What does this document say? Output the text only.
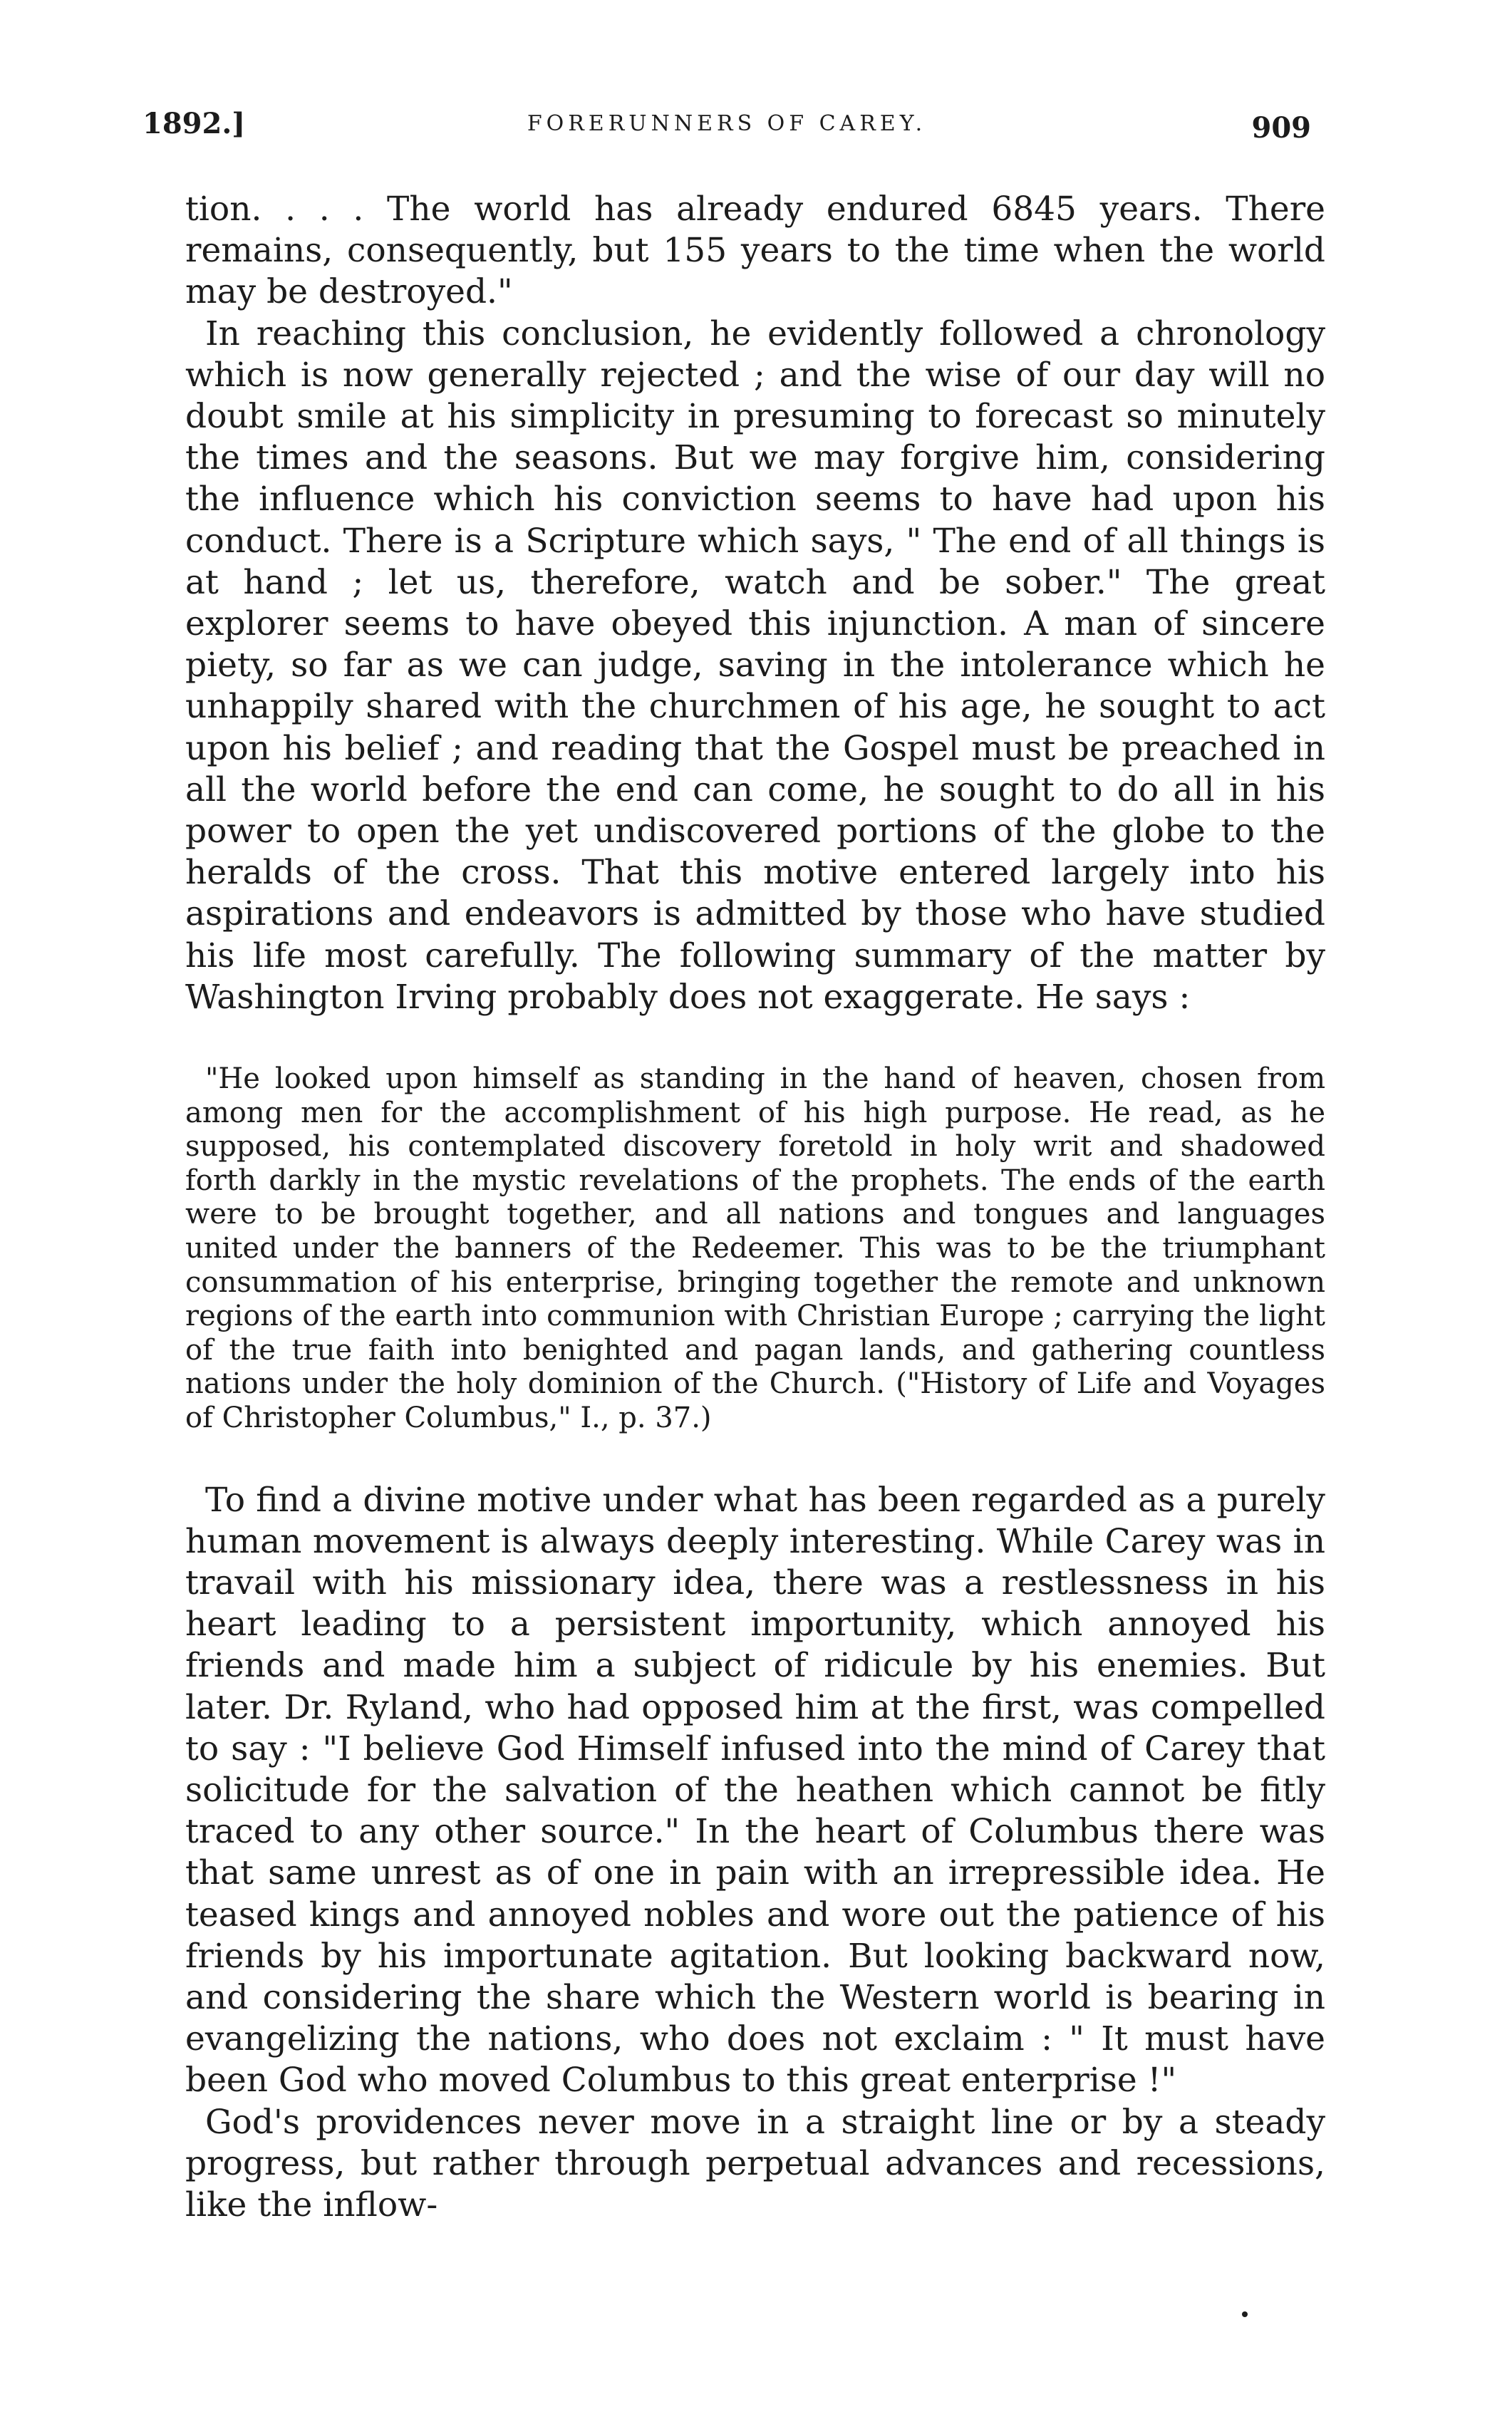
1892.]	FORERUNNERS OF CAREY.	909

tion. . . . The world has already endured 6845 years. There remains, consequently, but 155 years to the time when the world may be destroyed."

In reaching this conclusion, he evidently followed a chronology which is now generally rejected ; and the wise of our day will no doubt smile at his simplicity in presuming to forecast so minutely the times and the seasons. But we may forgive him, considering the influence which his conviction seems to have had upon his conduct. There is a Scripture which says, " The end of all things is at hand ; let us, therefore, watch and be sober." The great explorer seems to have obeyed this injunction. A man of sincere piety, so far as we can judge, saving in the intolerance which he unhappily shared with the churchmen of his age, he sought to act upon his belief ; and reading that the Gospel must be preached in all the world before the end can come, he sought to do all in his power to open the yet undiscovered portions of the globe to the heralds of the cross. That this motive entered largely into his aspirations and endeavors is admitted by those who have studied his life most carefully. The following summary of the matter by Washington Irving probably does not exaggerate. He says :

"He looked upon himself as standing in the hand of heaven, chosen from among men for the accomplishment of his high purpose. He read, as he supposed, his contemplated discovery foretold in holy writ and shadowed forth darkly in the mystic revelations of the prophets. The ends of the earth were to be brought together, and all nations and tongues and languages united under the banners of the Redeemer. This was to be the triumphant consummation of his enterprise, bringing together the remote and unknown regions of the earth into communion with Christian Europe ; carrying the light of the true faith into benighted and pagan lands, and gathering countless nations under the holy dominion of the Church. ("History of Life and Voyages of Christopher Columbus," I., p. 37.)

To find a divine motive under what has been regarded as a purely human movement is always deeply interesting. While Carey was in travail with his missionary idea, there was a restlessness in his heart leading to a persistent importunity, which annoyed his friends and made him a subject of ridicule by his enemies. But later. Dr. Ryland, who had opposed him at the first, was compelled to say : "I believe God Himself infused into the mind of Carey that solicitude for the salvation of the heathen which cannot be fitly traced to any other source." In the heart of Columbus there was that same unrest as of one in pain with an irrepressible idea. He teased kings and annoyed nobles and wore out the patience of his friends by his importunate agitation. But looking backward now, and considering the share which the Western world is bearing in evangelizing the nations, who does not exclaim : " It must have been God who moved Columbus to this great enterprise !"

God's providences never move in a straight line or by a steady progress, but rather through perpetual advances and recessions, like the inflow-
